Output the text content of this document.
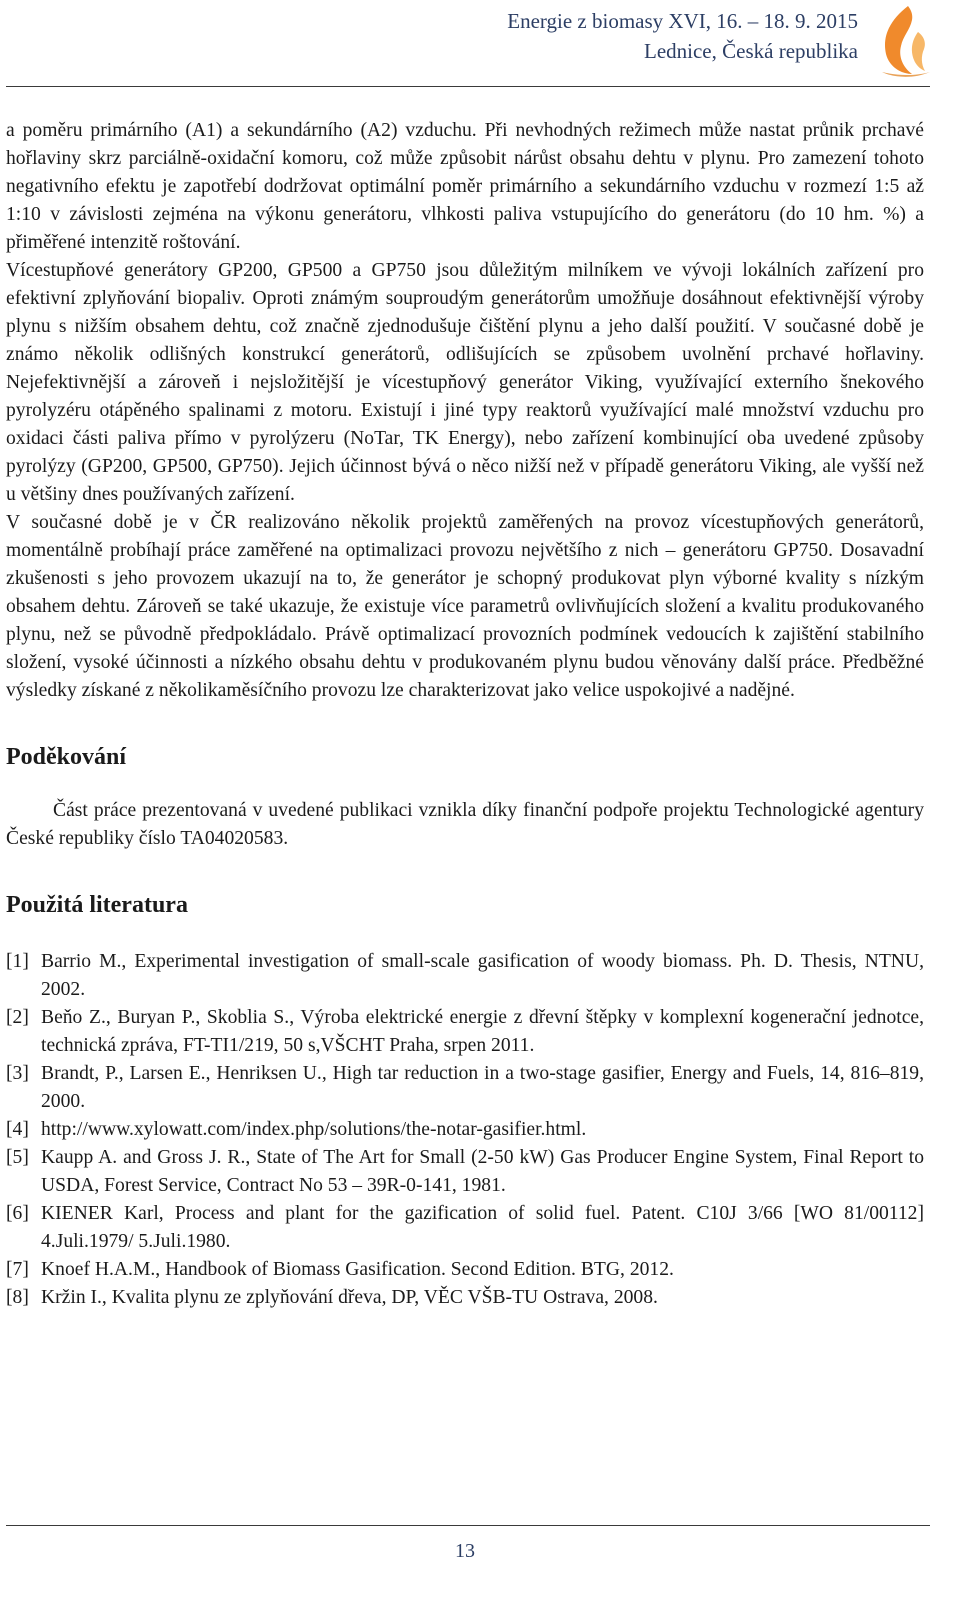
Energie z biomasy XVI, 16. – 18. 9. 2015
Lednice, Česká republika

a poměru primárního (A1) a sekundárního (A2) vzduchu. Při nevhodných režimech může nastat průnik prchavé hořlaviny skrz parciálně-oxidační komoru, což může způsobit nárůst obsahu dehtu v plynu. Pro zamezení tohoto negativního efektu je zapotřebí dodržovat optimální poměr primárního a sekundárního vzduchu v rozmezí 1:5 až 1:10 v závislosti zejména na výkonu generátoru, vlhkosti paliva vstupujícího do generátoru (do 10 hm. %) a přiměřené intenzitě roštování.

Vícestupňové generátory GP200, GP500 a GP750 jsou důležitým milníkem ve vývoji lokálních zařízení pro efektivní zplyňování biopaliv. Oproti známým souproudým generátorům umožňuje dosáhnout efektivnější výroby plynu s nižším obsahem dehtu, což značně zjednodušuje čištění plynu a jeho další použití. V současné době je známo několik odlišných konstrukcí generátorů, odlišujících se způsobem uvolnění prchavé hořlaviny. Nejefektivnější a zároveň i nejsložitější je vícestupňový generátor Viking, využívající externího šnekového pyrolyzéru otápěného spalinami z motoru. Existují i jiné typy reaktorů využívající malé množství vzduchu pro oxidaci části paliva přímo v pyrolýzeru (NoTar, TK Energy), nebo zařízení kombinující oba uvedené způsoby pyrolýzy (GP200, GP500, GP750). Jejich účinnost bývá o něco nižší než v případě generátoru Viking, ale vyšší než u většiny dnes používaných zařízení.

V současné době je v ČR realizováno několik projektů zaměřených na provoz vícestupňových generátorů, momentálně probíhají práce zaměřené na optimalizaci provozu největšího z nich – generátoru GP750. Dosavadní zkušenosti s jeho provozem ukazují na to, že generátor je schopný produkovat plyn výborné kvality s nízkým obsahem dehtu. Zároveň se také ukazuje, že existuje více parametrů ovlivňujících složení a kvalitu produkovaného plynu, než se původně předpokládalo. Právě optimalizací provozních podmínek vedoucích k zajištění stabilního složení, vysoké účinnosti a nízkého obsahu dehtu v produkovaném plynu budou věnovány další práce. Předběžné výsledky získané z několikaměsíčního provozu lze charakterizovat jako velice uspokojivé a nadějné.

Poděkování

Část práce prezentovaná v uvedené publikaci vznikla díky finanční podpoře projektu Technologické agentury České republiky číslo TA04020583.

Použitá literatura
[1] Barrio M., Experimental investigation of small-scale gasification of woody biomass. Ph. D. Thesis, NTNU, 2002.
[2] Beňo Z., Buryan P., Skoblia S., Výroba elektrické energie z dřevní štěpky v komplexní kogenerační jednotce, technická zpráva, FT-TI1/219, 50 s,VŠCHT Praha, srpen 2011.
[3] Brandt, P., Larsen E., Henriksen U., High tar reduction in a two-stage gasifier, Energy and Fuels, 14, 816–819, 2000.
[4] http://www.xylowatt.com/index.php/solutions/the-notar-gasifier.html.
[5] Kaupp A. and Gross J. R., State of The Art for Small (2-50 kW) Gas Producer Engine System, Final Report to USDA, Forest Service, Contract No 53 – 39R-0-141, 1981.
[6] KIENER Karl, Process and plant for the gazification of solid fuel. Patent. C10J 3/66 [WO 81/00112] 4.Juli.1979/ 5.Juli.1980.
[7] Knoef H.A.M., Handbook of Biomass Gasification. Second Edition. BTG, 2012.
[8] Kržin I., Kvalita plynu ze zplyňování dřeva, DP, VĚC VŠB-TU Ostrava, 2008.
13
